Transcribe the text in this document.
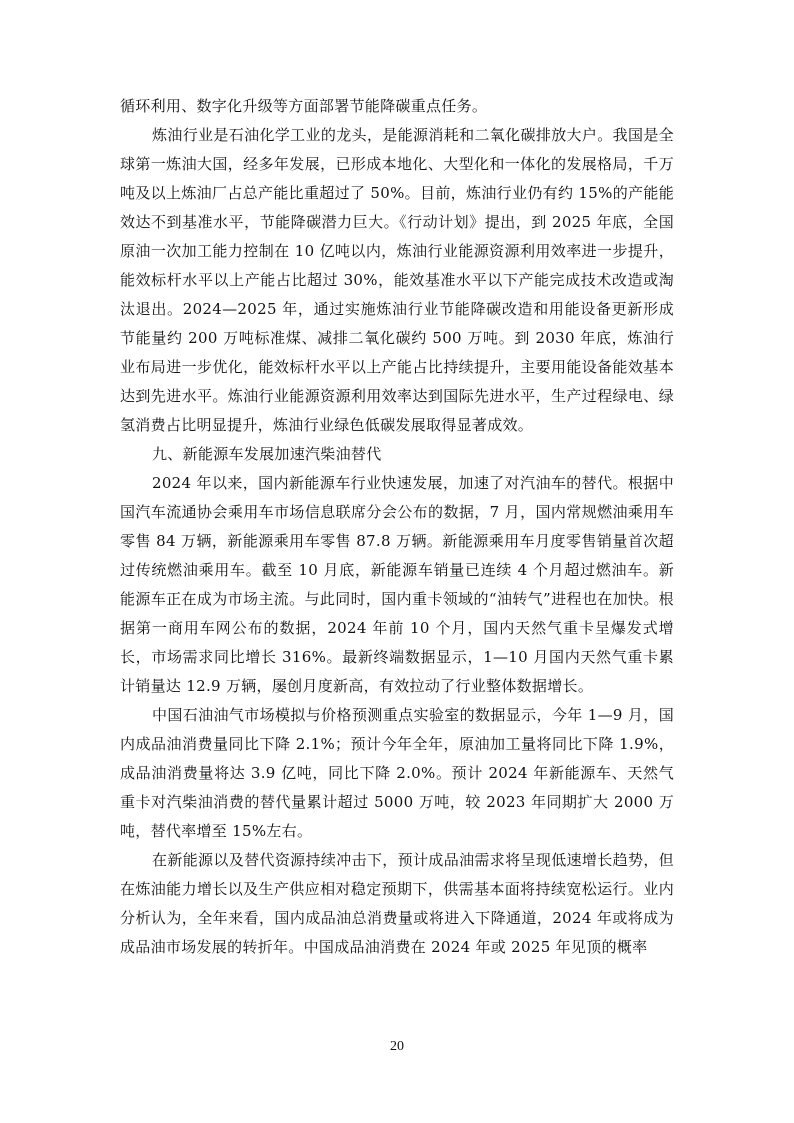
循环利用、数字化升级等方面部署节能降碳重点任务。

炼油行业是石油化学工业的龙头，是能源消耗和二氧化碳排放大户。我国是全球第一炼油大国，经多年发展，已形成本地化、大型化和一体化的发展格局，千万吨及以上炼油厂占总产能比重超过了 50%。目前，炼油行业仍有约 15%的产能能效达不到基准水平，节能降碳潜力巨大。《行动计划》提出，到 2025 年底，全国原油一次加工能力控制在 10 亿吨以内，炼油行业能源资源利用效率进一步提升，能效标杆水平以上产能占比超过 30%，能效基准水平以下产能完成技术改造或淘汰退出。2024—2025 年，通过实施炼油行业节能降碳改造和用能设备更新形成节能量约 200 万吨标准煤、减排二氧化碳约 500 万吨。到 2030 年底，炼油行业布局进一步优化，能效标杆水平以上产能占比持续提升，主要用能设备能效基本达到先进水平。炼油行业能源资源利用效率达到国际先进水平，生产过程绿电、绿氢消费占比明显提升，炼油行业绿色低碳发展取得显著成效。

九、新能源车发展加速汽柴油替代

2024 年以来，国内新能源车行业快速发展，加速了对汽油车的替代。根据中国汽车流通协会乘用车市场信息联席分会公布的数据，7 月，国内常规燃油乘用车零售 84 万辆，新能源乘用车零售 87.8 万辆。新能源乘用车月度零售销量首次超过传统燃油乘用车。截至 10 月底，新能源车销量已连续 4 个月超过燃油车。新能源车正在成为市场主流。与此同时，国内重卡领域的“油转气”进程也在加快。根据第一商用车网公布的数据，2024 年前 10 个月，国内天然气重卡呈爆发式增长，市场需求同比增长 316%。最新终端数据显示，1—10 月国内天然气重卡累计销量达 12.9 万辆，屡创月度新高，有效拉动了行业整体数据增长。

中国石油油气市场模拟与价格预测重点实验室的数据显示，今年 1—9 月，国内成品油消费量同比下降 2.1%；预计今年全年，原油加工量将同比下降 1.9%，成品油消费量将达 3.9 亿吨，同比下降 2.0%。预计 2024 年新能源车、天然气重卡对汽柴油消费的替代量累计超过 5000 万吨，较 2023 年同期扩大 2000 万吨，替代率增至 15%左右。

在新能源以及替代资源持续冲击下，预计成品油需求将呈现低速增长趋势，但在炼油能力增长以及生产供应相对稳定预期下，供需基本面将持续宽松运行。业内分析认为，全年来看，国内成品油总消费量或将进入下降通道，2024 年或将成为成品油市场发展的转折年。中国成品油消费在 2024 年或 2025 年见顶的概率

20
